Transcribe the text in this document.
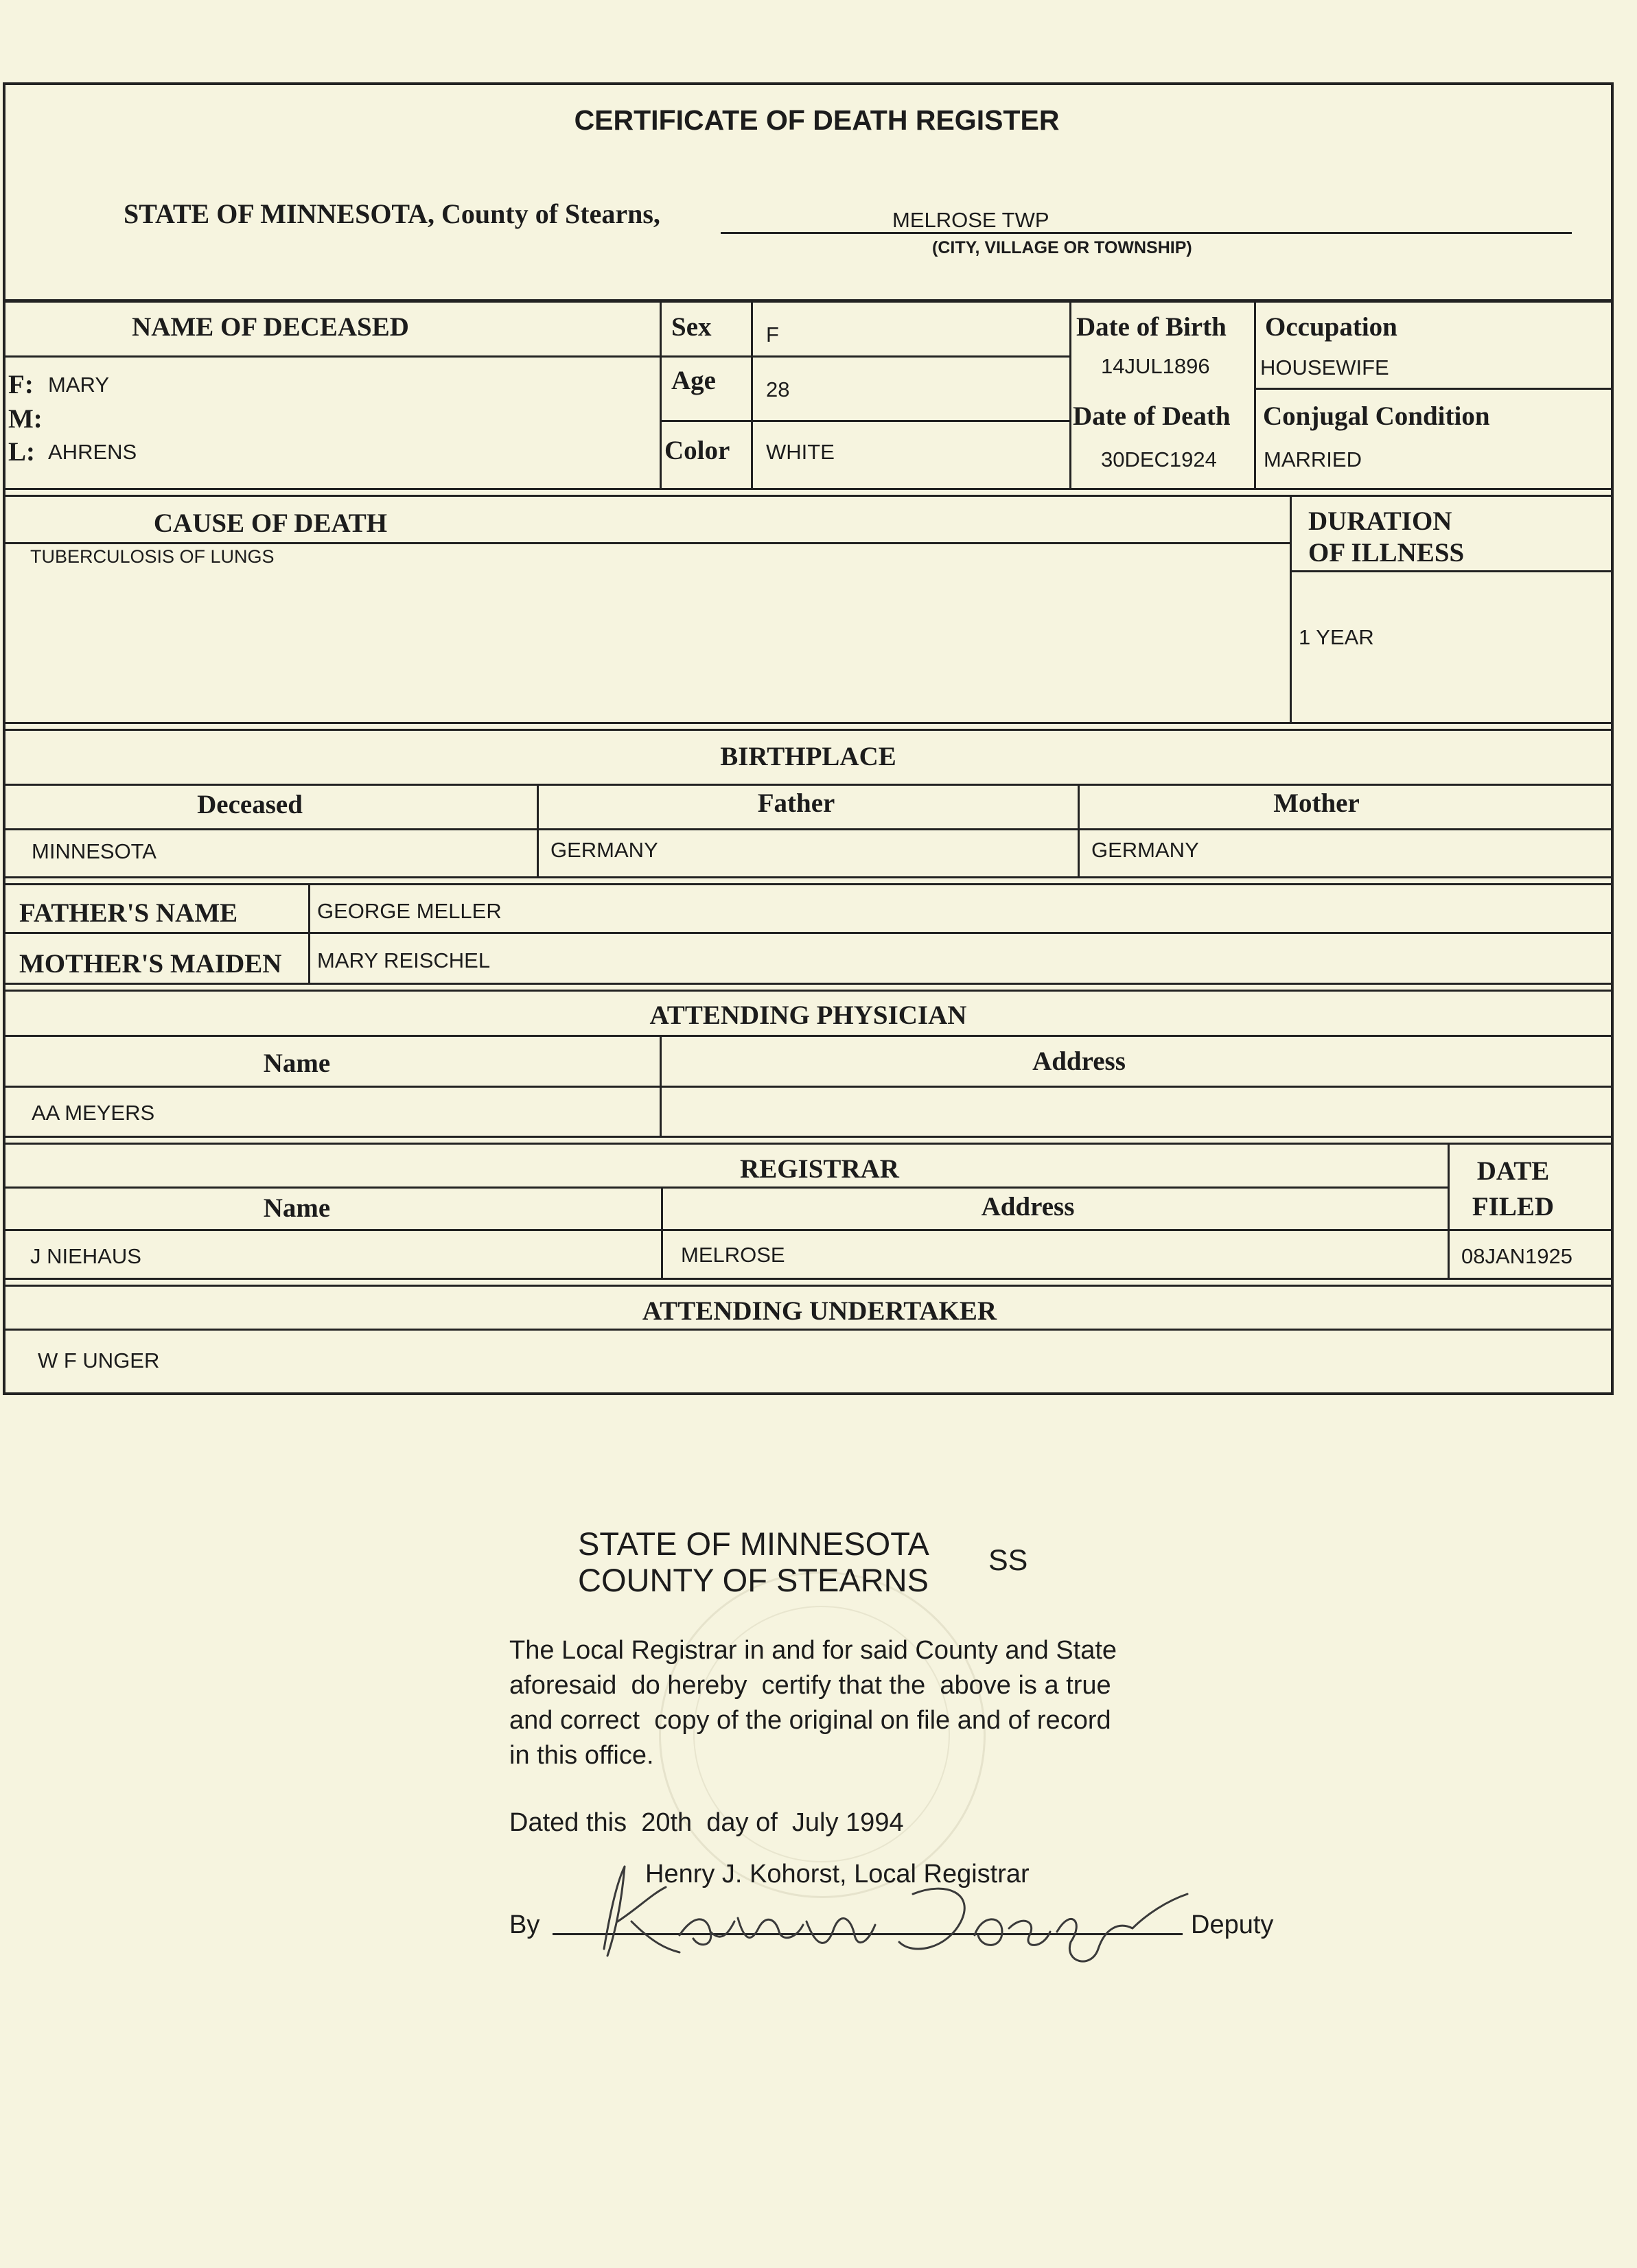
CERTIFICATE OF DEATH REGISTER
STATE OF MINNESOTA, County of Stearns,	MELROSE TWP
(CITY, VILLAGE OR TOWNSHIP)
NAME OF DECEASED
F: MARY
M:
L: AHRENS
Sex	F
Age 28
Color WHITE
Date of Birth
14JUL1896
Date of Death
30DEC1924
Occupation
HOUSEWIFE
Conjugal Condition
MARRIED
CAUSE OF DEATH
TUBERCULOSIS OF LUNGS
DURATION
OF ILLNESS
1 YEAR
BIRTHPLACE
Deceased	Father	Mother
MINNESOTA	GERMANY	GERMANY
FATHER'S NAME	GEORGE MELLER
MOTHER'S MAIDEN MARY REISCHEL
ATTENDING PHYSICIAN
Name	Address
AA MEYERS
REGISTRAR
Name	Address
DATE
FILED
J NIEHAUS	MELROSE	08JAN1925
ATTENDING UNDERTAKER
W F UNGER
STATE OF MINNESOTA
COUNTY OF STEARNS
SS
The Local Registrar in and for said County and State
aforesaid  do hereby  certify that the  above is a true
and correct  copy of the original on file and of record
in this office.
Dated this  20th  day of  July 1994
Henry J. Kohorst, Local Registrar
By	Deputy
